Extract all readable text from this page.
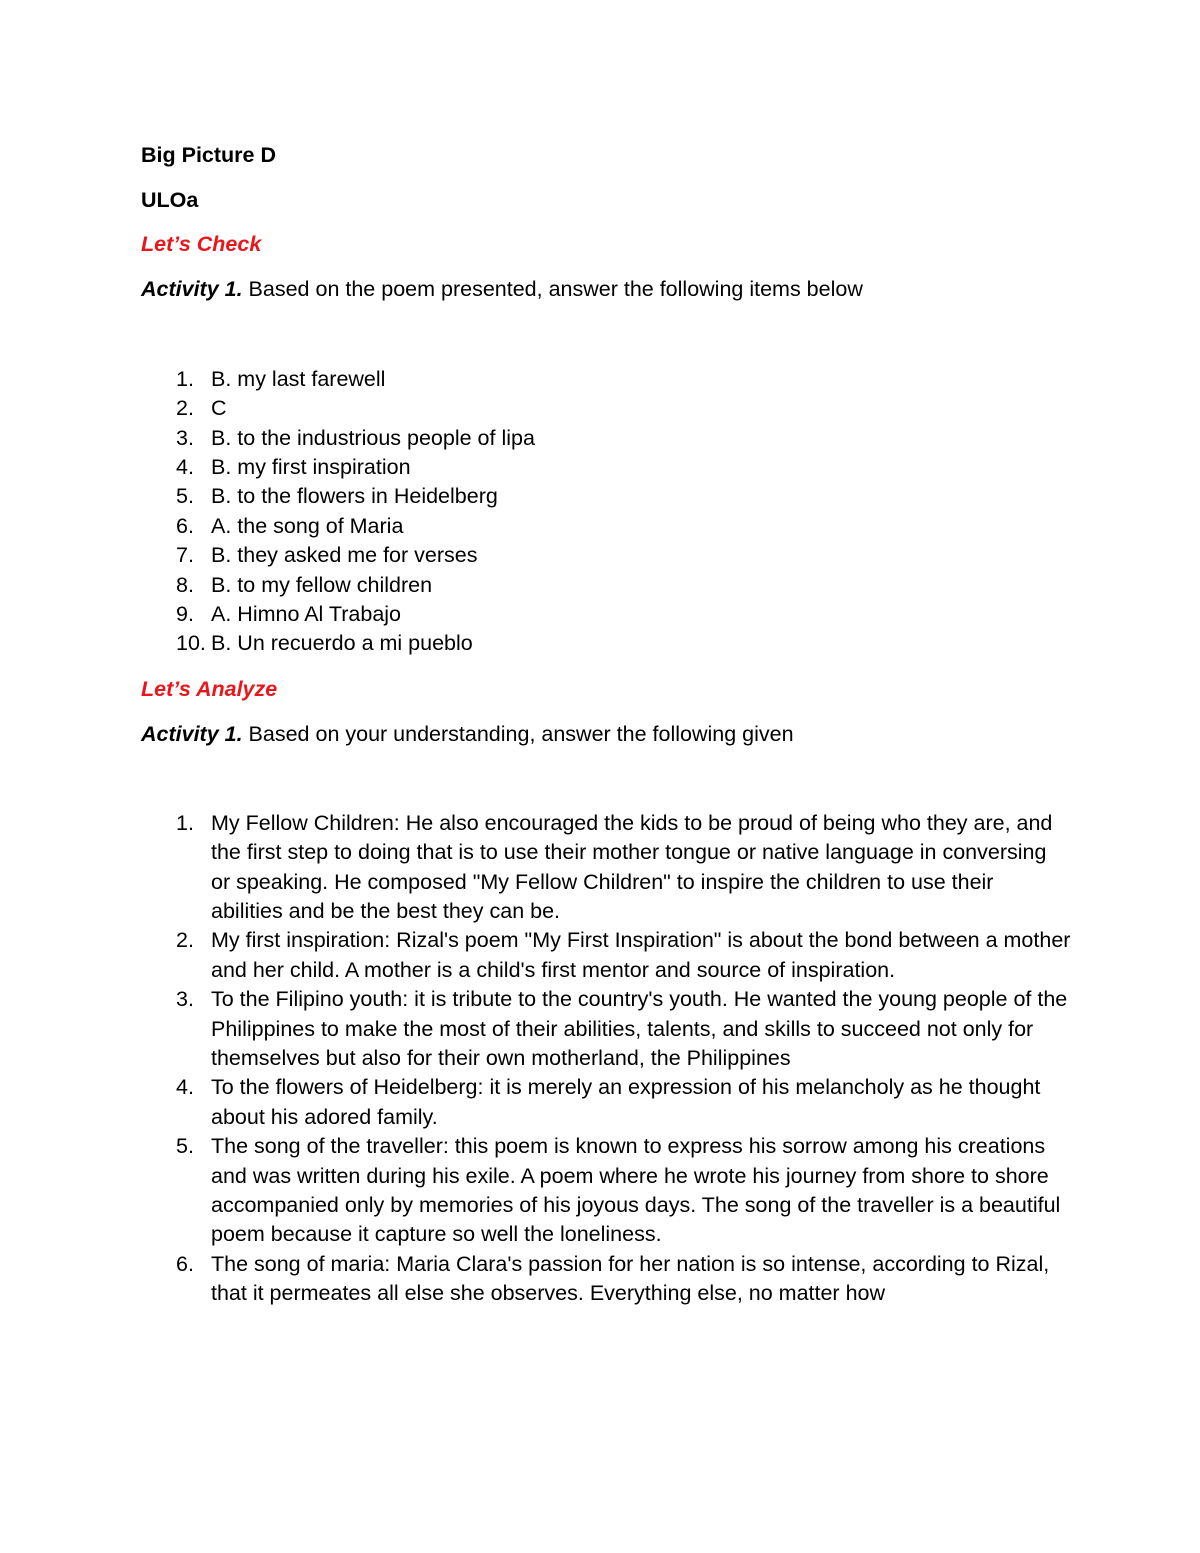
Big Picture D

ULOa

Let’s Check

Activity 1. Based on the poem presented, answer the following items below

1. B. my last farewell
2. C
3. B. to the industrious people of lipa
4. B. my first inspiration
5. B. to the flowers in Heidelberg
6. A. the song of Maria
7. B. they asked me for verses
8. B. to my fellow children
9. A. Himno Al Trabajo
10. B. Un recuerdo a mi pueblo

Let’s Analyze

Activity 1. Based on your understanding, answer the following given

1. My Fellow Children: He also encouraged the kids to be proud of being who they are, and the first step to doing that is to use their mother tongue or native language in conversing or speaking. He composed "My Fellow Children" to inspire the children to use their abilities and be the best they can be.
2. My first inspiration: Rizal's poem "My First Inspiration" is about the bond between a mother and her child. A mother is a child's first mentor and source of inspiration.
3. To the Filipino youth: it is tribute to the country's youth. He wanted the young people of the Philippines to make the most of their abilities, talents, and skills to succeed not only for themselves but also for their own motherland, the Philippines
4. To the flowers of Heidelberg: it is merely an expression of his melancholy as he thought about his adored family.
5. The song of the traveller: this poem is known to express his sorrow among his creations and was written during his exile. A poem where he wrote his journey from shore to shore accompanied only by memories of his joyous days. The song of the traveller is a beautiful poem because it capture so well the loneliness.
6. The song of maria: Maria Clara's passion for her nation is so intense, according to Rizal, that it permeates all else she observes. Everything else, no matter how
